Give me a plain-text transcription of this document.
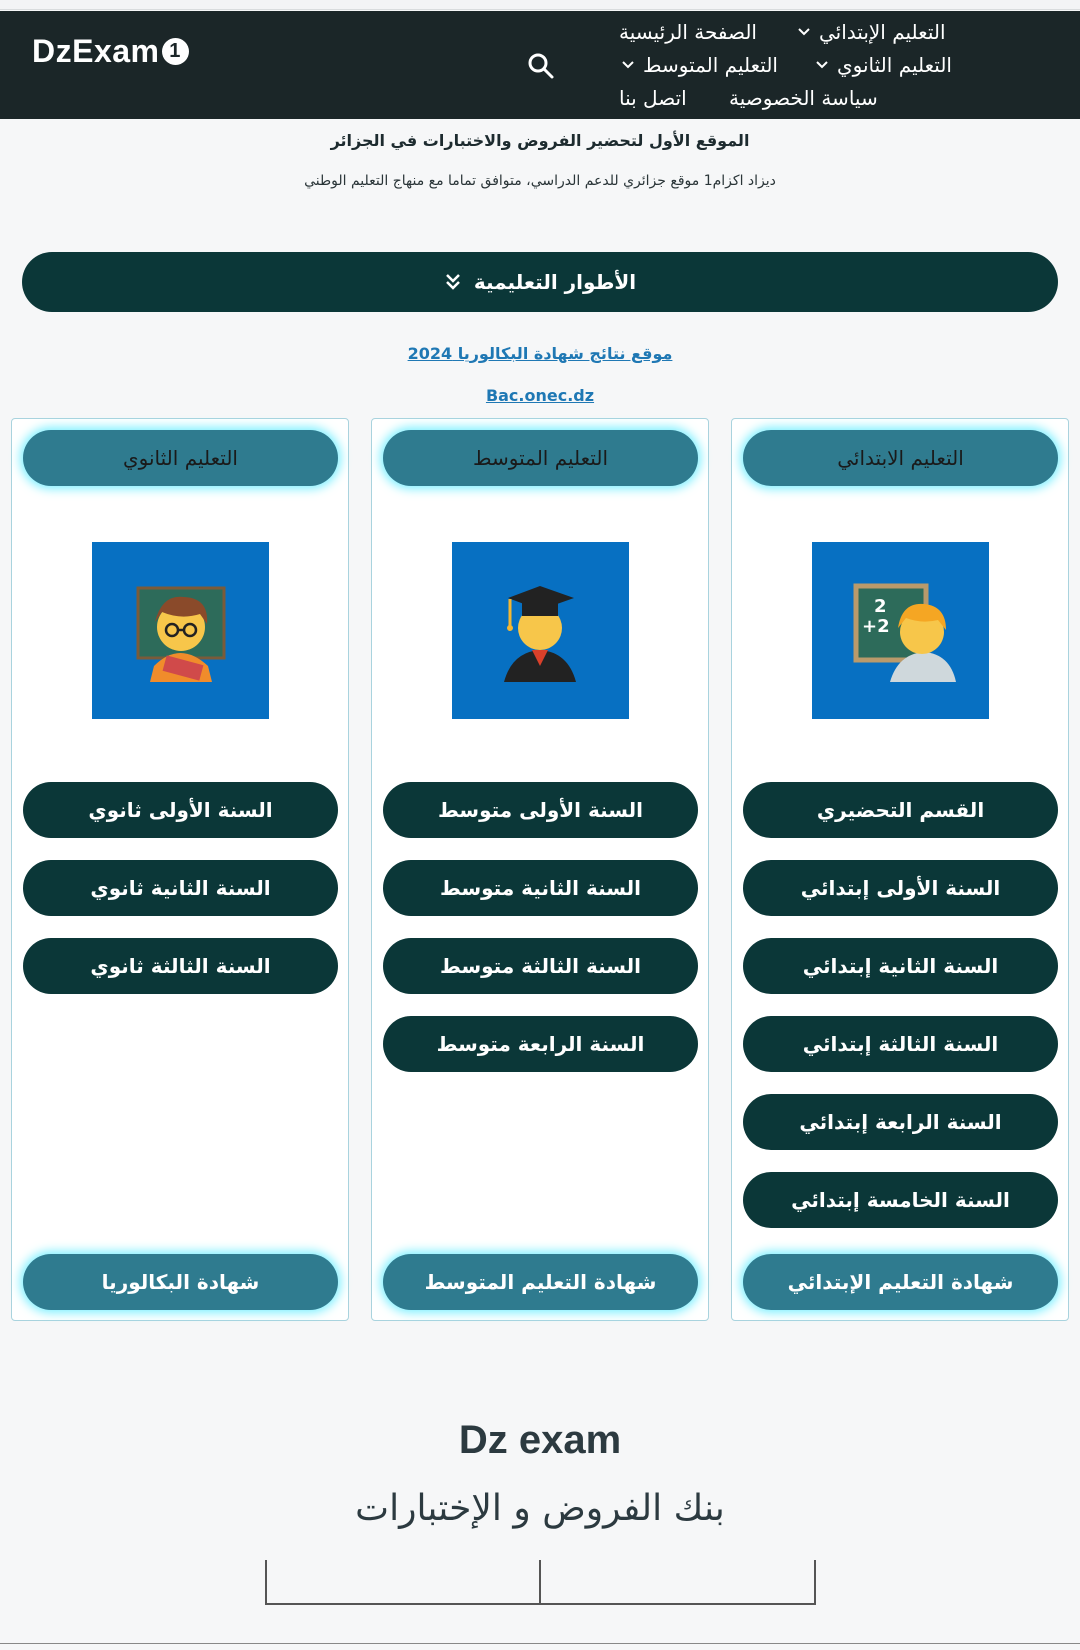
DzExam 1
التعليم الإبتدائي
الصفحة الرئيسية
التعليم الثانوي
التعليم المتوسط
سياسة الخصوصية
اتصل بنا
الموقع الأول لتحضير الفروض والاختبارات في الجزائر
ديزاد اكزام1 موقع جزائري للدعم الدراسي، متوافق تماما مع منهاج التعليم الوطني
الأطوار التعليمية
موقع نتائج شهادة البكالوريا 2024
Bac.onec.dz
التعليم الثانوي
السنة الأولى ثانوي
السنة الثانية ثانوي
السنة الثالثة ثانوي
شهادة البكالوريا
التعليم المتوسط
السنة الأولى متوسط
السنة الثانية متوسط
السنة الثالثة متوسط
السنة الرابعة متوسط
شهادة التعليم المتوسط
التعليم الابتدائي
2
+2
القسم التحضيري
السنة الأولى إبتدائي
السنة الثانية إبتدائي
السنة الثالثة إبتدائي
السنة الرابعة إبتدائي
السنة الخامسة إبتدائي
شهادة التعليم الإبتدائي
Dz exam
بنك الفروض و الإختبارات
